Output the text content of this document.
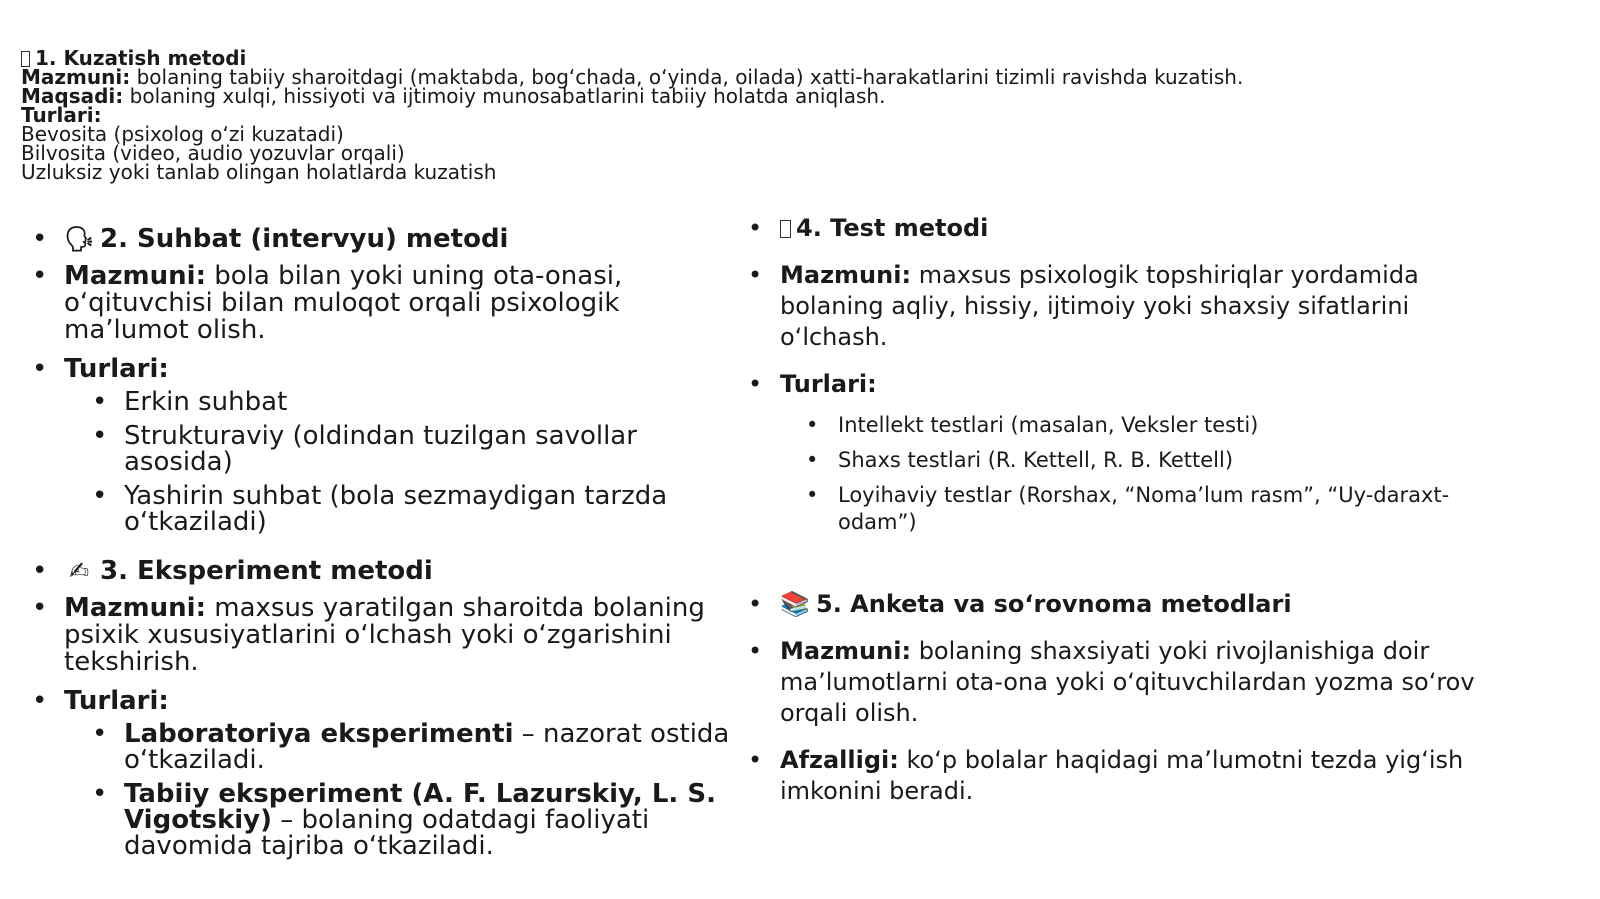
1. Kuzatish metodi
Mazmuni: bolaning tabiiy sharoitdagi (maktabda, bog‘chada, o‘yinda, oilada) xatti-harakatlarini tizimli ravishda kuzatish.
Maqsadi: bolaning xulqi, hissiyoti va ijtimoiy munosabatlarini tabiiy holatda aniqlash.
Turlari:
Bevosita (psixolog o‘zi kuzatadi)
Bilvosita (video, audio yozuvlar orqali)
Uzluksiz yoki tanlab olingan holatlarda kuzatish
• 🗣 2. Suhbat (intervyu) metodi
• Mazmuni: bola bilan yoki uning ota-onasi, o‘qituvchisi bilan muloqot orqali psixologik ma’lumot olish.
• Turlari:
• Erkin suhbat
• Strukturaviy (oldindan tuzilgan savollar asosida)
• Yashirin suhbat (bola sezmaydigan tarzda o‘tkaziladi)
• ✍ 3. Eksperiment metodi
• Mazmuni: maxsus yaratilgan sharoitda bolaning psixik xususiyatlarini o‘lchash yoki o‘zgarishini tekshirish.
• Turlari:
• Laboratoriya eksperimenti – nazorat ostida o‘tkaziladi.
• Tabiiy eksperiment (A. F. Lazurskiy, L. S. Vigotskiy) – bolaning odatdagi faoliyati davomida tajriba o‘tkaziladi.
• 4. Test metodi
• Mazmuni: maxsus psixologik topshiriqlar yordamida bolaning aqliy, hissiy, ijtimoiy yoki shaxsiy sifatlarini o‘lchash.
• Turlari:
• Intellekt testlari (masalan, Veksler testi)
• Shaxs testlari (R. Kettell, R. B. Kettell)
• Loyihaviy testlar (Rorshax, “Noma’lum rasm”, “Uy-daraxt-odam”)
• 📚 5. Anketa va so‘rovnoma metodlari
• Mazmuni: bolaning shaxsiyati yoki rivojlanishiga doir ma’lumotlarni ota-ona yoki o‘qituvchilardan yozma so‘rov orqali olish.
• Afzalligi: ko‘p bolalar haqidagi ma’lumotni tezda yig‘ish imkonini beradi.
